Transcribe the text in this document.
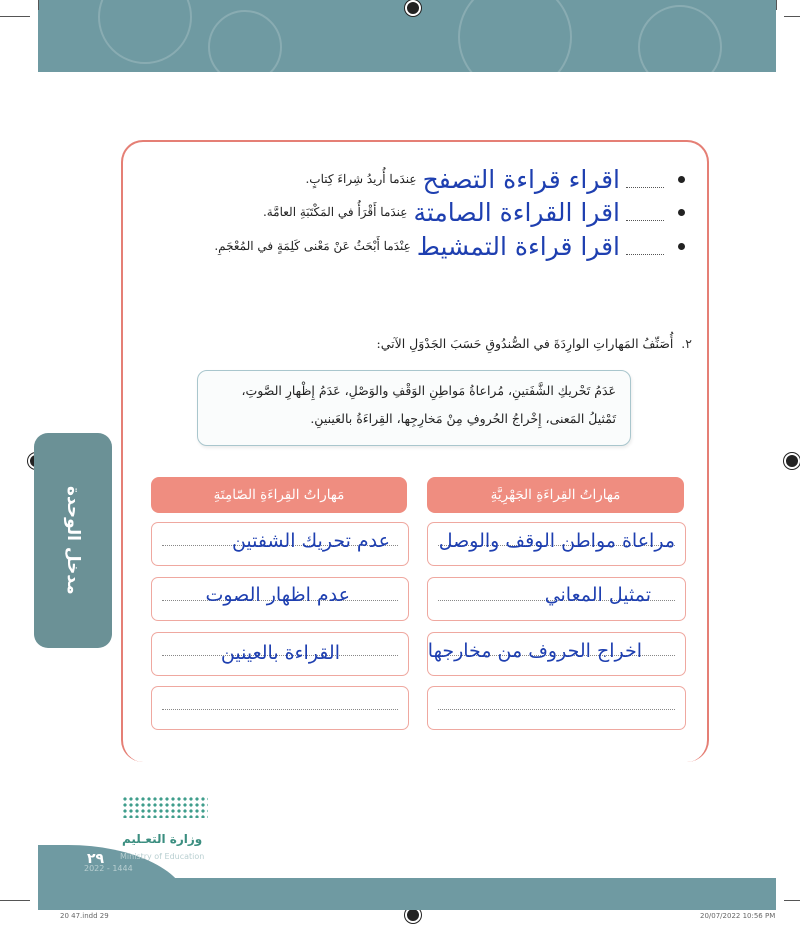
مدخل الوحدة
اقراء قراءة التصفح
عِندَما أُريدُ شِراءَ كِتابٍ.
اقرا القراءة الصامتة
عِندَما أَقْرَأُ في المَكْتَبَةِ العامَّة.
اقرا قراءة التمشيط
عِنْدَما أَبْحَثُ عَنْ مَعْنى كَلِمَةٍ في المُعْجَمِ.
٢. أُصَنِّفُ المَهاراتِ الوارِدَةَ في الصُّندُوقِ حَسَبَ الجَدْوَلِ الآتي:
عَدَمُ تَحْريكِ الشَّفَتينِ، مُراعاةُ مَواطِنِ الوَقْفِ والوَصْلِ، عَدَمُ إِظْهارِ الصَّوتِ،
تَمْثيلُ المَعنى، إِخْراجُ الحُروفِ مِنْ مَخارِجِها، القِراءَةُ بالعَينينِ.
مَهاراتُ القِراءَةِ الجَهْرِيَّةِ
مَهاراتُ القِراءَةِ الصّامِتَةِ
مراعاة مواطن الوقف والوصل
تمثيل المعاني
اخراج الحروف من مخارجها
عدم تحريك الشفتين
عدم اظهار الصوت
القراءة بالعينين
وزارة التعـليم
Ministry of Education
2022 - 1444
٢٩
20 47.indd 29	20/07/2022 10:56 PM
